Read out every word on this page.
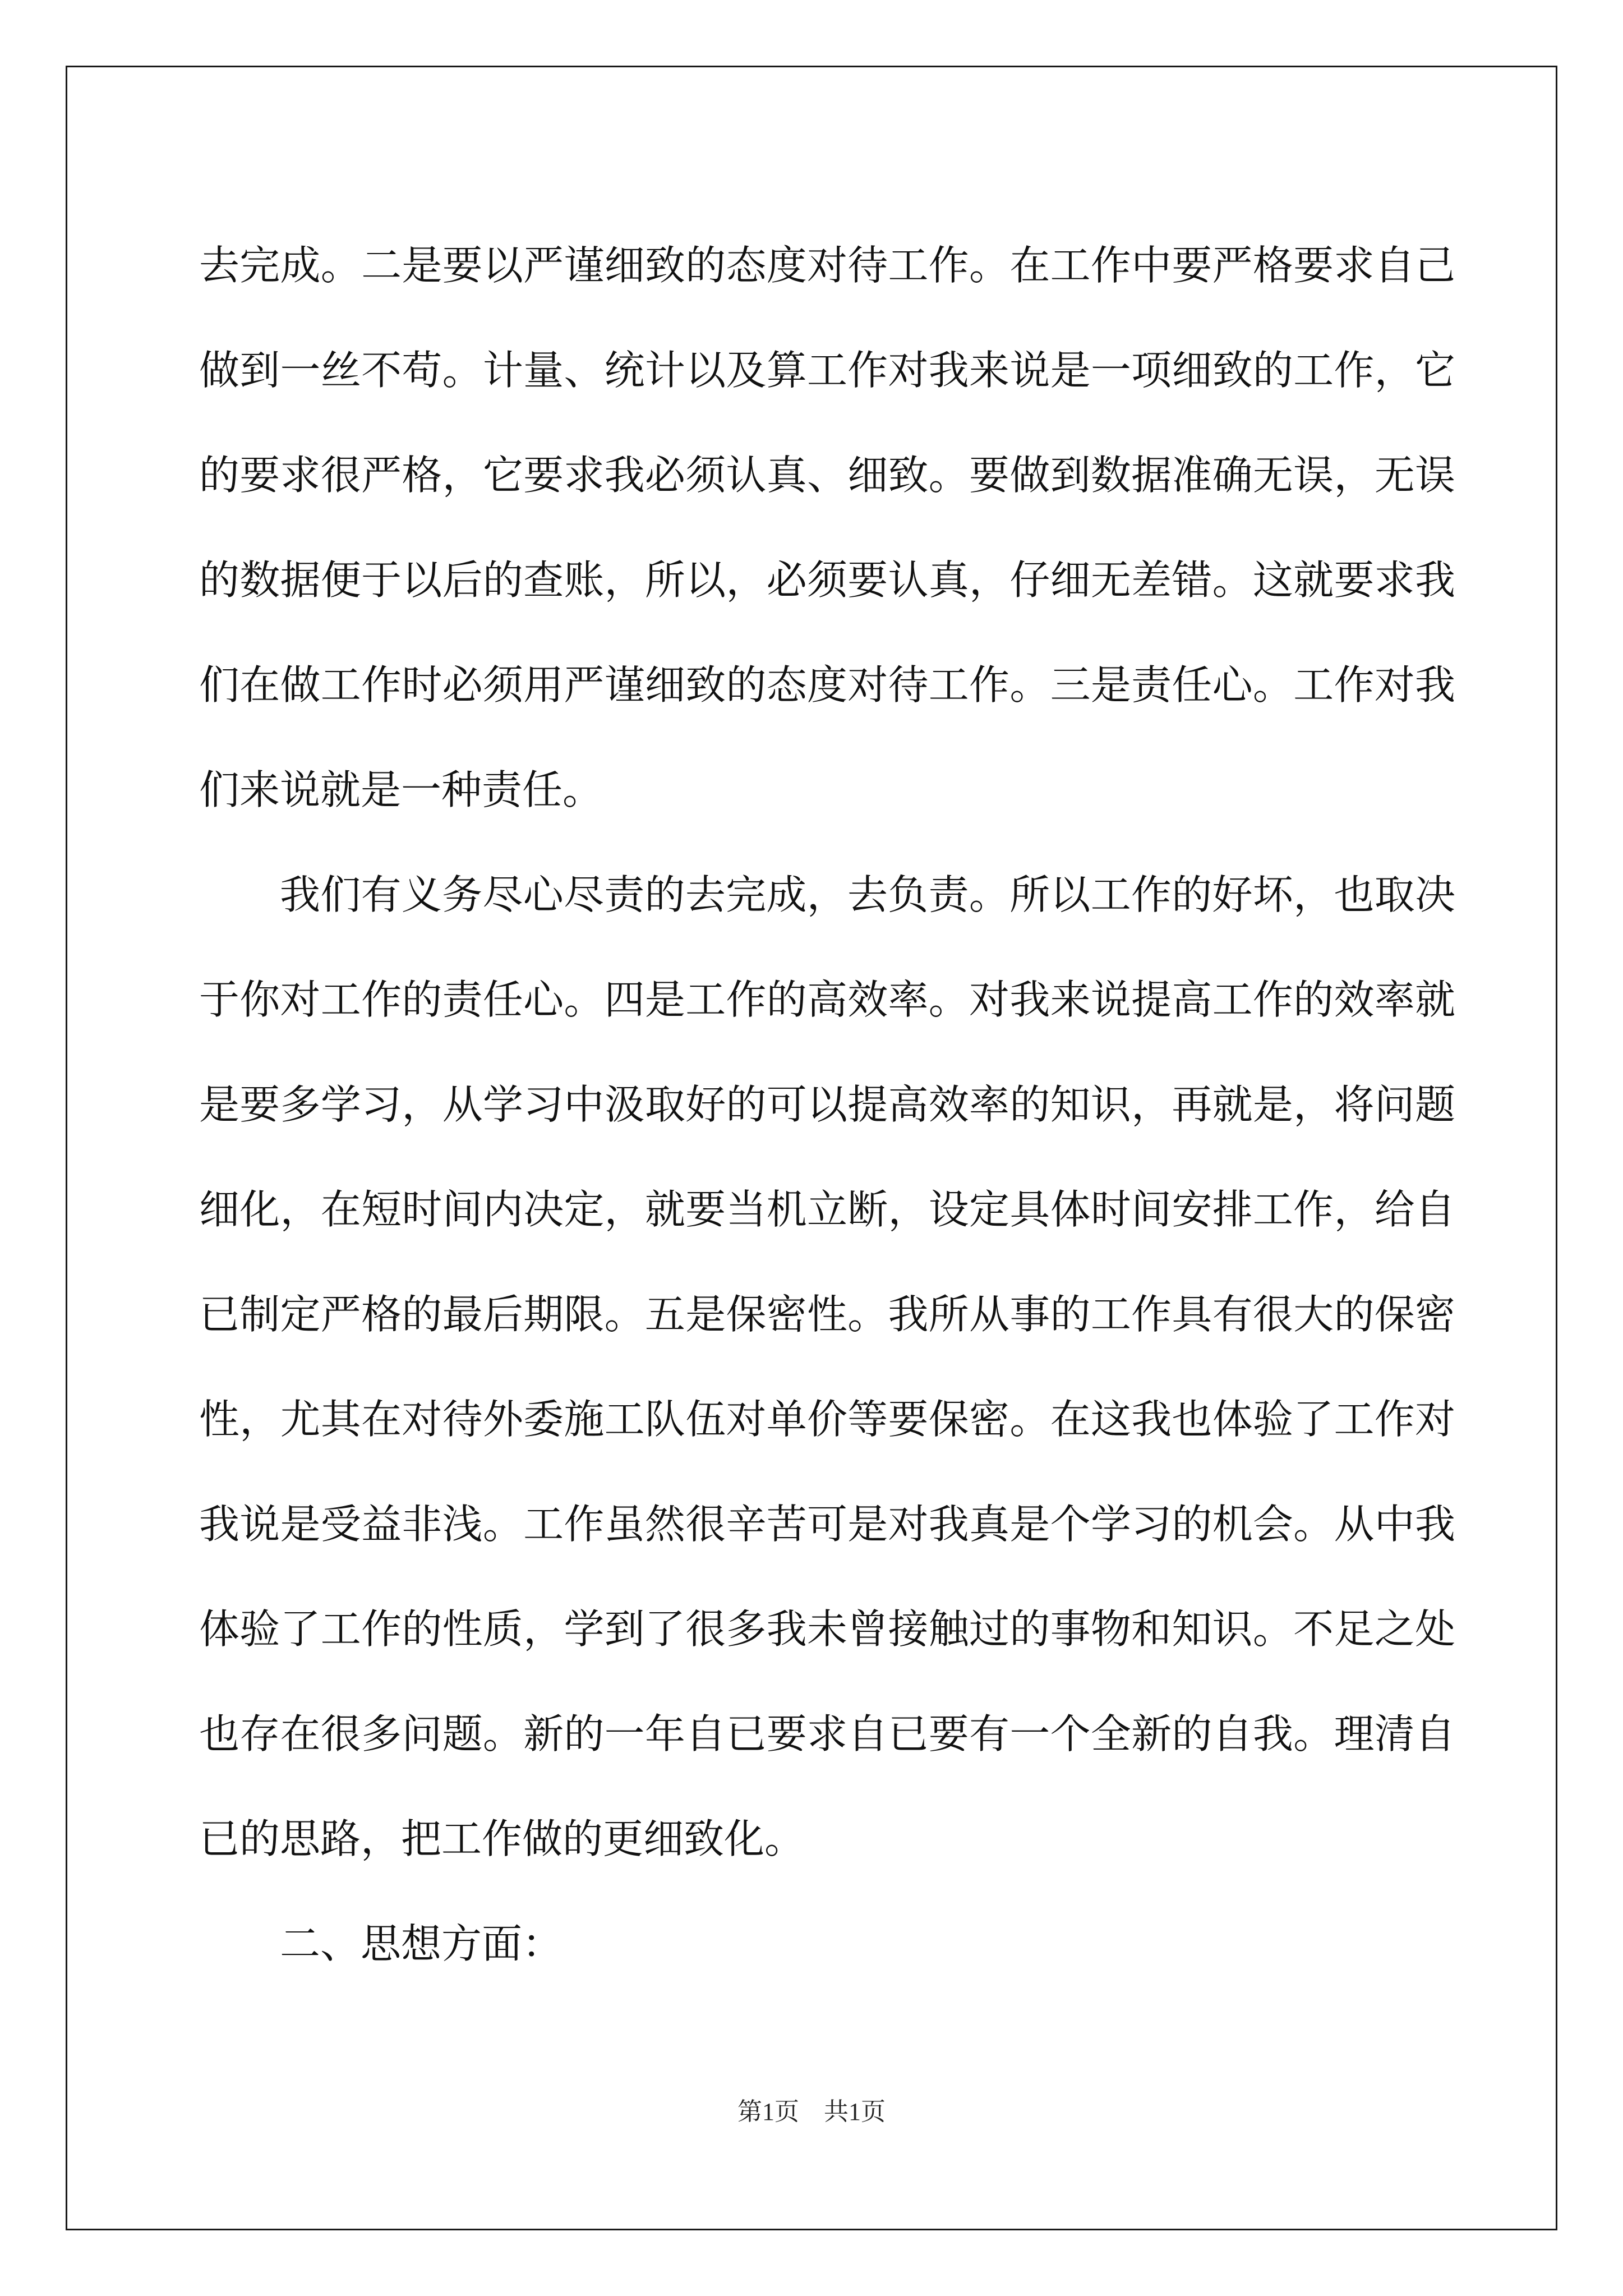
去完成。二是要以严谨细致的态度对待工作。在工作中要严格要求自己做到一丝不苟。计量、统计以及算工作对我来说是一项细致的工作，它的要求很严格，它要求我必须认真、细致。要做到数据准确无误，无误的数据便于以后的查账，所以，必须要认真，仔细无差错。这就要求我们在做工作时必须用严谨细致的态度对待工作。三是责任心。工作对我们来说就是一种责任。

我们有义务尽心尽责的去完成，去负责。所以工作的好坏，也取决于你对工作的责任心。四是工作的高效率。对我来说提高工作的效率就是要多学习，从学习中汲取好的可以提高效率的知识，再就是，将问题细化，在短时间内决定，就要当机立断，设定具体时间安排工作，给自已制定严格的最后期限。五是保密性。我所从事的工作具有很大的保密性，尤其在对待外委施工队伍对单价等要保密。在这我也体验了工作对我说是受益非浅。工作虽然很辛苦可是对我真是个学习的机会。从中我体验了工作的性质，学到了很多我未曾接触过的事物和知识。不足之处也存在很多问题。新的一年自已要求自已要有一个全新的自我。理清自已的思路，把工作做的更细致化。

二、思想方面：

第1页　共1页
